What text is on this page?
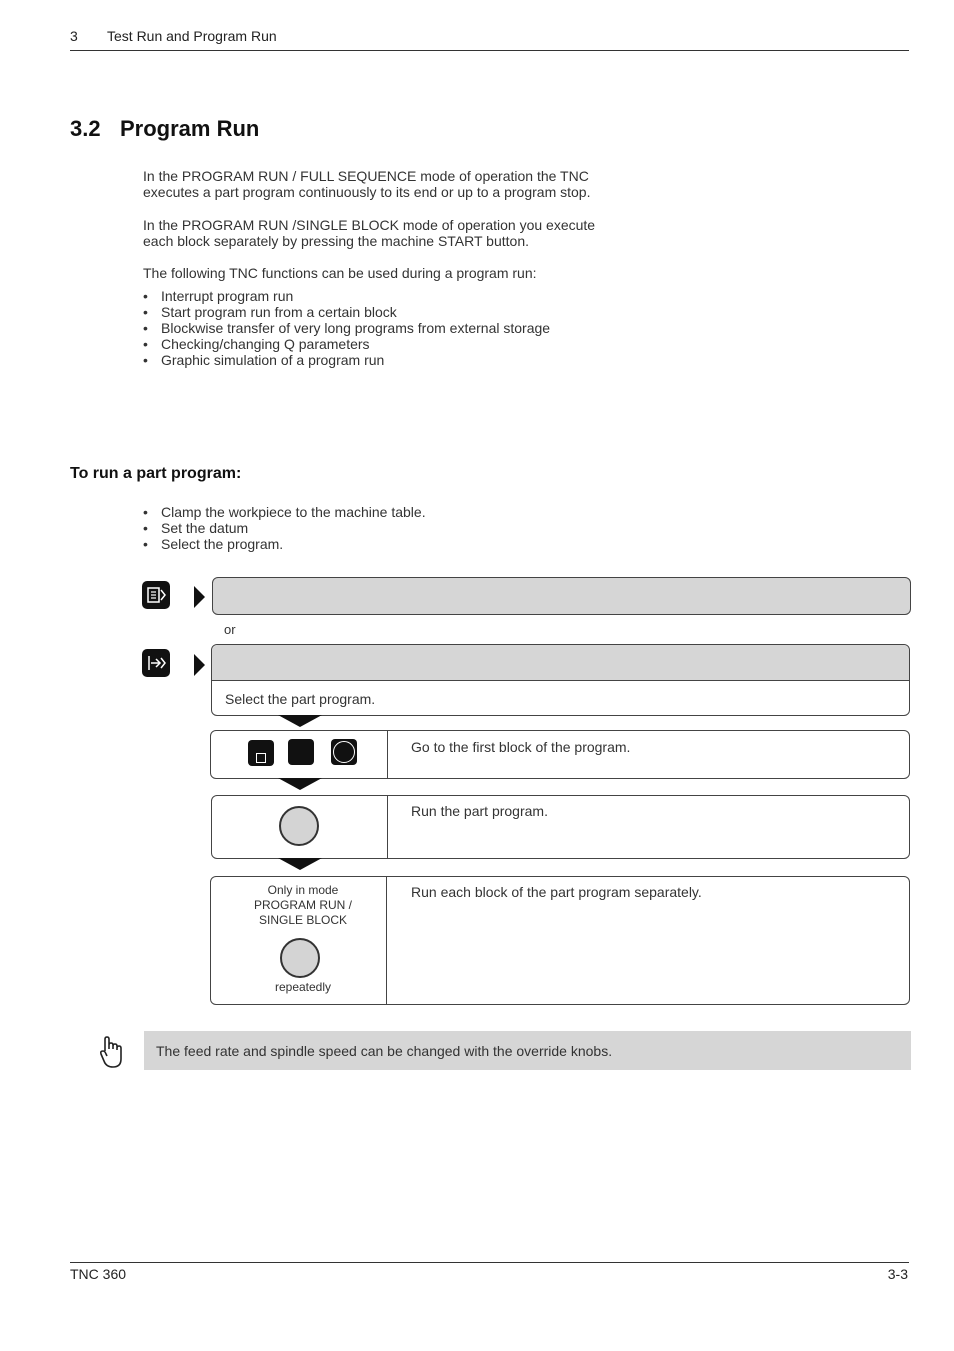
3 Test Run and Program Run
3.2 Program Run
In the PROGRAM RUN / FULL SEQUENCE mode of operation the TNC
executes a part program continuously to its end or up to a program stop.
In the PROGRAM RUN /SINGLE BLOCK mode of operation you execute
each block separately by pressing the machine START button.
The following TNC functions can be used during a program run:
• Interrupt program run
• Start program run from a certain block
• Blockwise transfer of very long programs from external storage
• Checking/changing Q parameters
• Graphic simulation of a program run
To run a part program:
• Clamp the workpiece to the machine table.
• Set the datum
• Select the program.
or
Select the part program.
Go to the first block of the program.
Run the part program.
Only in mode
PROGRAM RUN /
SINGLE BLOCK
repeatedly
Run each block of the part program separately.
The feed rate and spindle speed can be changed with the override knobs.
TNC 360	3-3
